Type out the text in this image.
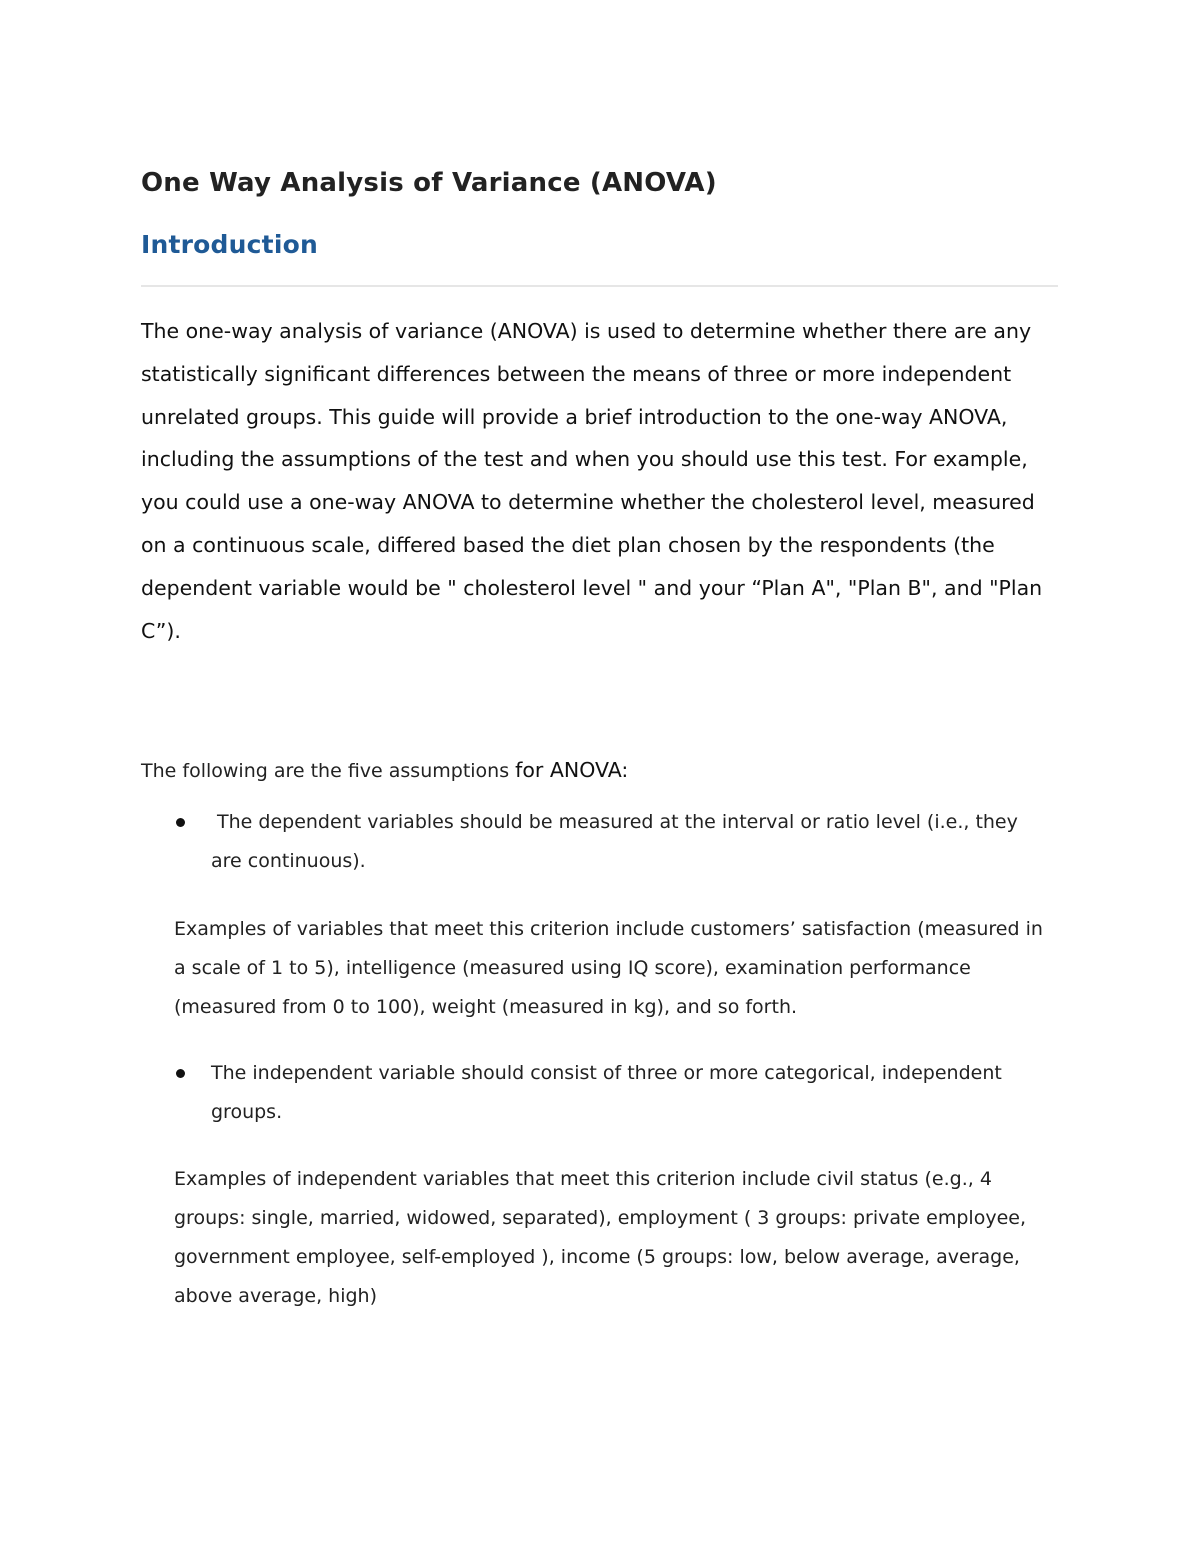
One Way Analysis of Variance (ANOVA)
Introduction

The one-way analysis of variance (ANOVA) is used to determine whether there are any statistically significant differences between the means of three or more independent unrelated groups. This guide will provide a brief introduction to the one-way ANOVA, including the assumptions of the test and when you should use this test. For example, you could use a one-way ANOVA to determine whether the cholesterol level, measured on a continuous scale, differed based the diet plan chosen by the respondents (the dependent variable would be " cholesterol level " and your “Plan A", "Plan B", and "Plan C”).

The following are the five assumptions for ANOVA:

The dependent variables should be measured at the interval or ratio level (i.e., they are continuous).

Examples of variables that meet this criterion include customers’ satisfaction (measured in a scale of 1 to 5), intelligence (measured using IQ score), examination performance (measured from 0 to 100), weight (measured in kg), and so forth.

The independent variable should consist of three or more categorical, independent groups.

Examples of independent variables that meet this criterion include civil status (e.g., 4 groups: single, married, widowed, separated), employment ( 3 groups: private employee, government employee, self-employed ), income (5 groups: low, below average, average, above average, high)
